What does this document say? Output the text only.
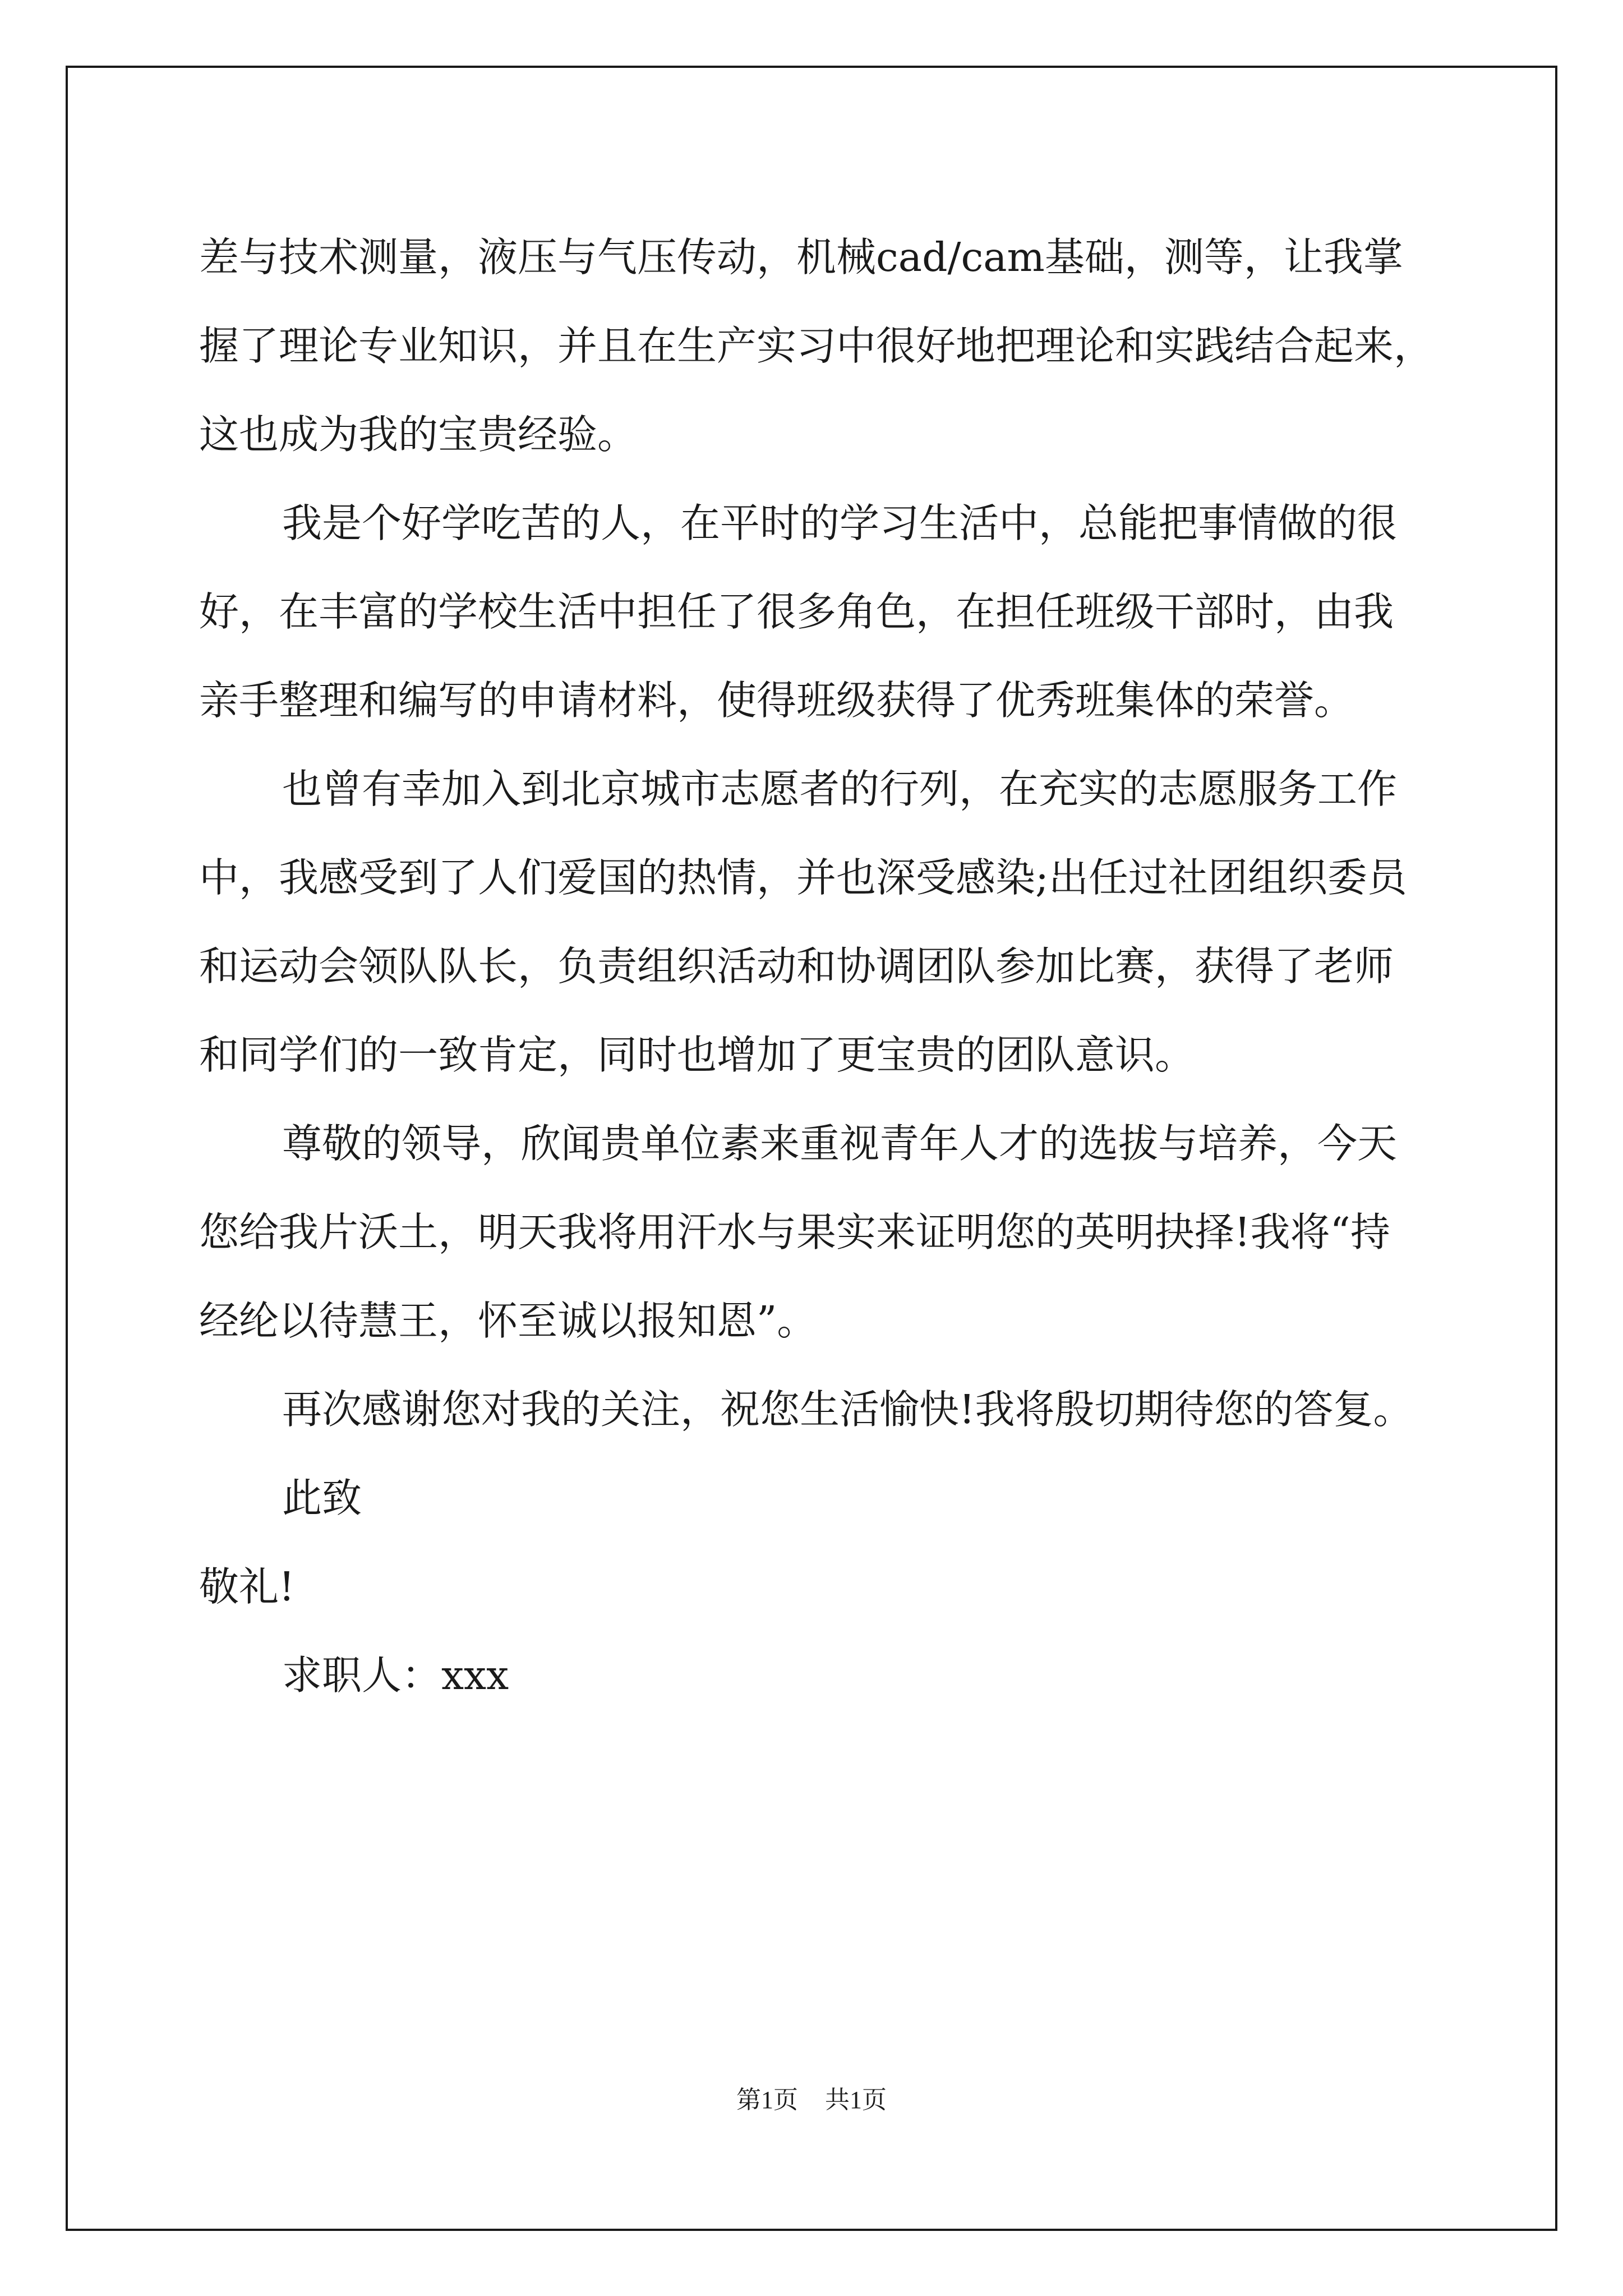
差与技术测量，液压与气压传动，机械cad/cam基础，测等，让我掌
握了理论专业知识，并且在生产实习中很好地把理论和实践结合起来，
这也成为我的宝贵经验。
我是个好学吃苦的人，在平时的学习生活中，总能把事情做的很
好，在丰富的学校生活中担任了很多角色，在担任班级干部时，由我
亲手整理和编写的申请材料，使得班级获得了优秀班集体的荣誉。
也曾有幸加入到北京城市志愿者的行列，在充实的志愿服务工作
中，我感受到了人们爱国的热情，并也深受感染;出任过社团组织委员
和运动会领队队长，负责组织活动和协调团队参加比赛，获得了老师
和同学们的一致肯定，同时也增加了更宝贵的团队意识。
尊敬的领导，欣闻贵单位素来重视青年人才的选拔与培养，今天
您给我片沃土，明天我将用汗水与果实来证明您的英明抉择!我将“持
经纶以待慧王，怀至诚以报知恩”。
再次感谢您对我的关注，祝您生活愉快!我将殷切期待您的答复。
此致
敬礼!
求职人：xxx
第1页 共1页
